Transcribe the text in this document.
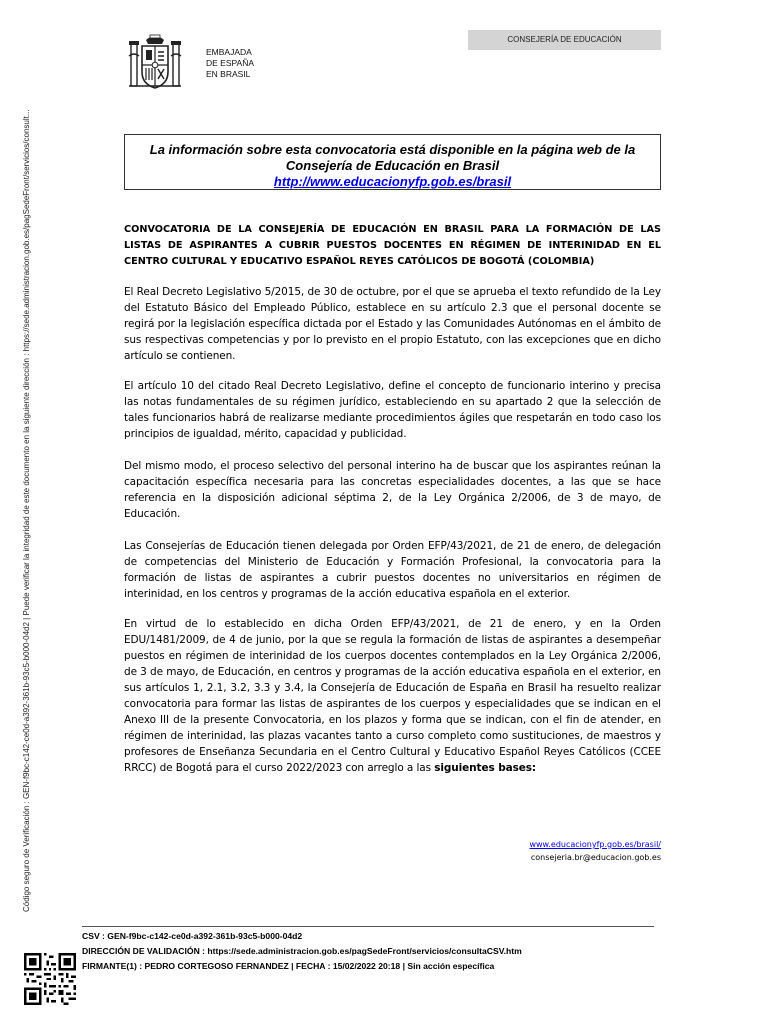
Código seguro de Verificación : GEN-f9bc-c142-ce0d-a392-361b-93c5-b000-04d2 | Puede verificar la integridad de este documento en la siguiente dirección : https://sede.administracion.gob.es/pagSedeFront/servicios/consult...
CONSEJERÍA DE EDUCACIÓN
EMBAJADA
DE ESPAÑA
EN BRASIL
La información sobre esta convocatoria está disponible en la página web de la
Consejería de Educación en Brasil
http://www.educacionyfp.gob.es/brasil
CONVOCATORIA DE LA CONSEJERÍA DE EDUCACIÓN EN BRASIL PARA LA FORMACIÓN DE LAS LISTAS DE ASPIRANTES A CUBRIR PUESTOS DOCENTES EN RÉGIMEN DE INTERINIDAD EN EL CENTRO CULTURAL Y EDUCATIVO ESPAÑOL REYES CATÓLICOS DE BOGOTÁ (COLOMBIA)
El Real Decreto Legislativo 5/2015, de 30 de octubre, por el que se aprueba el texto refundido de la Ley del Estatuto Básico del Empleado Público, establece en su artículo 2.3 que el personal docente se regirá por la legislación específica dictada por el Estado y las Comunidades Autónomas en el ámbito de sus respectivas competencias y por lo previsto en el propio Estatuto, con las excepciones que en dicho artículo se contienen.
El artículo 10 del citado Real Decreto Legislativo, define el concepto de funcionario interino y precisa las notas fundamentales de su régimen jurídico, estableciendo en su apartado 2 que la selección de tales funcionarios habrá de realizarse mediante procedimientos ágiles que respetarán en todo caso los principios de igualdad, mérito, capacidad y publicidad.
Del mismo modo, el proceso selectivo del personal interino ha de buscar que los aspirantes reúnan la capacitación específica necesaria para las concretas especialidades docentes, a las que se hace referencia en la disposición adicional séptima 2, de la Ley Orgánica 2/2006, de 3 de mayo, de Educación.
Las Consejerías de Educación tienen delegada por Orden EFP/43/2021, de 21 de enero, de delegación de competencias del Ministerio de Educación y Formación Profesional, la convocatoria para la formación de listas de aspirantes a cubrir puestos docentes no universitarios en régimen de interinidad, en los centros y programas de la acción educativa española en el exterior.
En virtud de lo establecido en dicha Orden EFP/43/2021, de 21 de enero, y en la Orden EDU/1481/2009, de 4 de junio, por la que se regula la formación de listas de aspirantes a desempeñar puestos en régimen de interinidad de los cuerpos docentes contemplados en la Ley Orgánica 2/2006, de 3 de mayo, de Educación, en centros y programas de la acción educativa española en el exterior, en sus artículos 1, 2.1, 3.2, 3.3 y 3.4, la Consejería de Educación de España en Brasil ha resuelto realizar convocatoria para formar las listas de aspirantes de los cuerpos y especialidades que se indican en el Anexo III de la presente Convocatoria, en los plazos y forma que se indican, con el fin de atender, en régimen de interinidad, las plazas vacantes tanto a curso completo como sustituciones, de maestros y profesores de Enseñanza Secundaria en el Centro Cultural y Educativo Español Reyes Católicos (CCEE RRCC) de Bogotá para el curso 2022/2023 con arreglo a las siguientes bases:
www.educacionyfp.gob.es/brasil/
consejeria.br@educacion.gob.es
CSV : GEN-f9bc-c142-ce0d-a392-361b-93c5-b000-04d2
DIRECCIÓN DE VALIDACIÓN : https://sede.administracion.gob.es/pagSedeFront/servicios/consultaCSV.htm
FIRMANTE(1) : PEDRO CORTEGOSO FERNANDEZ | FECHA : 15/02/2022 20:18 | Sin acción específica
